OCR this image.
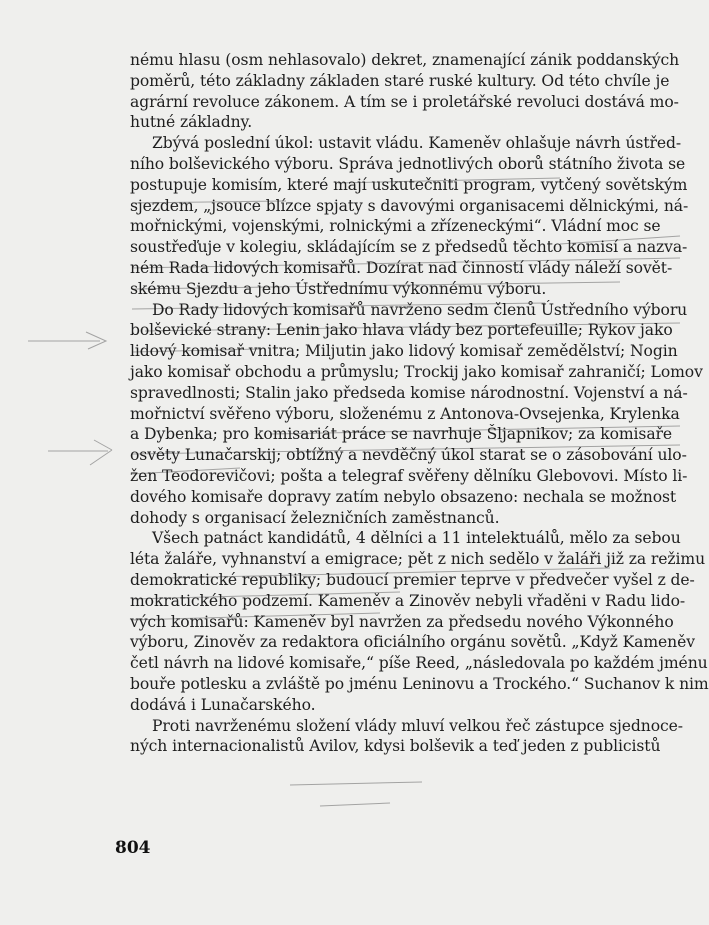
nému hlasu (osm nehlasovalo) dekret, znamenající zánik poddanských
poměrů, této základny základen staré ruské kultury. Od této chvíle je
agrární revoluce zákonem. A tím se i proletářské revoluci dostává mo-
hutné základny.
Zbývá poslední úkol: ustavit vládu. Kameněv ohlašuje návrh ústřed-
ního bolševického výboru. Správa jednotlivých oborů státního života se
postupuje komisím, které mají uskutečniti program, vytčený sovětským
sjezdem, „jsouce blízce spjaty s davovými organisacemi dělnickými, ná-
mořnickými, vojenskými, rolnickými a zřízeneckými“. Vládní moc se
soustřeďuje v kolegiu, skládajícím se z předsedů těchto komisí a nazva-
ném Rada lidových komisařů. Dozírat nad činností vlády náleží sovět-
skému Sjezdu a jeho Ústřednímu výkonnému výboru.
Do Rady lidových komisařů navrženo sedm členů Ústředního výboru
bolševické strany: Lenin jako hlava vlády bez portefeuille; Rykov jako
lidový komisař vnitra; Miljutin jako lidový komisař zemědělství; Nogin
jako komisař obchodu a průmyslu; Trockij jako komisař zahraničí; Lomov
spravedlnosti; Stalin jako předseda komise národnostní. Vojenství a ná-
mořnictví svěřeno výboru, složenému z Antonova-Ovsejenka, Krylenka
a Dybenka; pro komisariát práce se navrhuje Šljapnikov; za komisaře
osvěty Lunačarskij; obtížný a nevděčný úkol starat se o zásobování ulo-
žen Teodorevičovi; pošta a telegraf svěřeny dělníku Glebovovi. Místo li-
dového komisaře dopravy zatím nebylo obsazeno: nechala se možnost
dohody s organisací železničních zaměstnanců.
Všech patnáct kandidátů, 4 dělníci a 11 intelektuálů, mělo za sebou
léta žaláře, vyhnanství a emigrace; pět z nich sedělo v žaláři již za režimu
demokratické republiky; budoucí premier teprve v předvečer vyšel z de-
mokratického podzemí. Kameněv a Zinověv nebyli vřaděni v Radu lido-
vých komisařů: Kameněv byl navržen za předsedu nového Výkonného
výboru, Zinověv za redaktora oficiálního orgánu sovětů. „Když Kameněv
četl návrh na lidové komisaře,“ píše Reed, „následovala po každém jménu
bouře potlesku a zvláště po jménu Leninovu a Trockého.“ Suchanov k nim
dodává i Lunačarského.
Proti navrženému složení vlády mluví velkou řeč zástupce sjednoce-
ných internacionalistů Avilov, kdysi bolševik a teď jeden z publicistů
804
